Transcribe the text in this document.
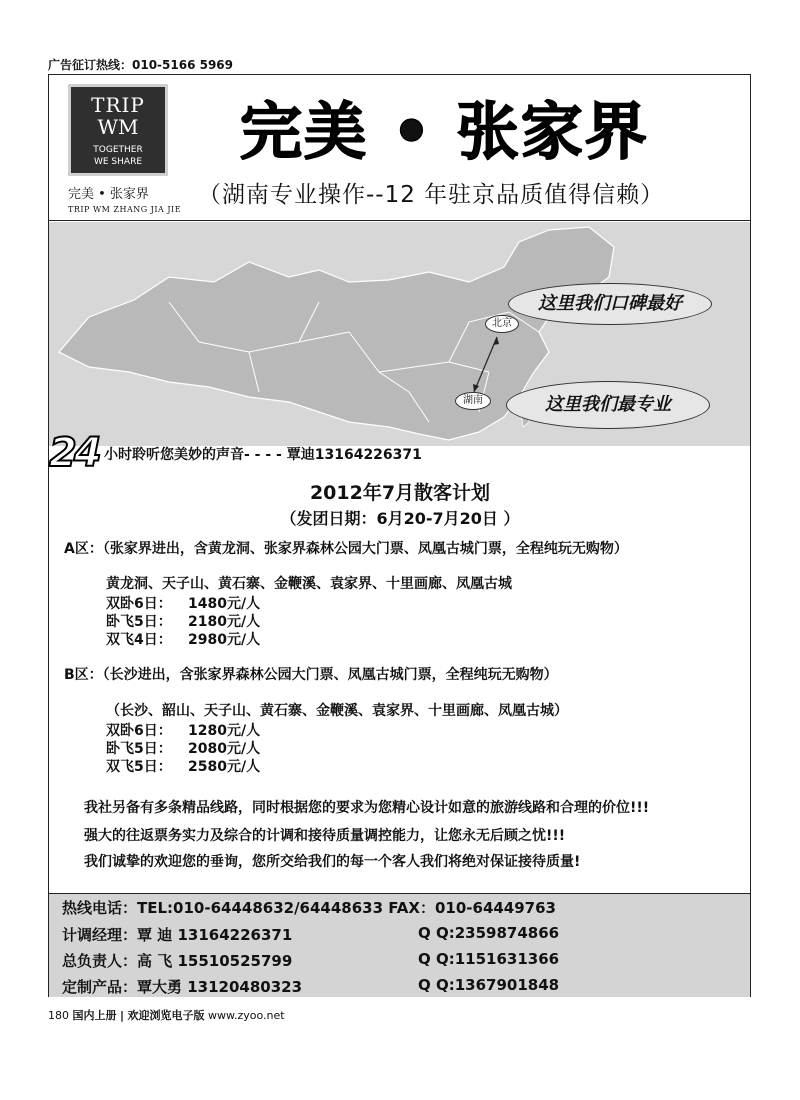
广告征订热线：010-5166 5969
TRIP
WM
TOGETHER
WE SHARE
完美 • 张家界
TRIP WM ZHANG JIA JIE
完美 • 张家界
（湖南专业操作--12 年驻京品质值得信赖）
这里我们口碑最好
这里我们最专业
北京
湖南
24 小时聆听您美妙的声音- - - - 覃迪13164226371
2012年7月散客计划
（发团日期：6月20-7月20日 ）
A区：（张家界进出，含黄龙洞、张家界森林公园大门票、凤凰古城门票，全程纯玩无购物）
黄龙洞、天子山、黄石寨、金鞭溪、袁家界、十里画廊、凤凰古城
双卧6日： 1480元/人
卧飞5日： 2180元/人
双飞4日： 2980元/人
B区：（长沙进出，含张家界森林公园大门票、凤凰古城门票，全程纯玩无购物）
（长沙、韶山、天子山、黄石寨、金鞭溪、袁家界、十里画廊、凤凰古城）
双卧6日： 1280元/人
卧飞5日： 2080元/人
双飞5日： 2580元/人
我社另备有多条精品线路，同时根据您的要求为您精心设计如意的旅游线路和合理的价位!!!
强大的往返票务实力及综合的计调和接待质量调控能力，让您永无后顾之忧!!!
我们诚挚的欢迎您的垂询，您所交给我们的每一个客人我们将绝对保证接待质量!
热线电话：TEL:010-64448632/64448633 FAX：010-64449763
计调经理：覃 迪 13164226371	Q Q:2359874866
总负责人：高 飞 15510525799	Q Q:1151631366
定制产品：覃大勇 13120480323	Q Q:1367901848
180 国内上册 | 欢迎浏览电子版 www.zyoo.net
